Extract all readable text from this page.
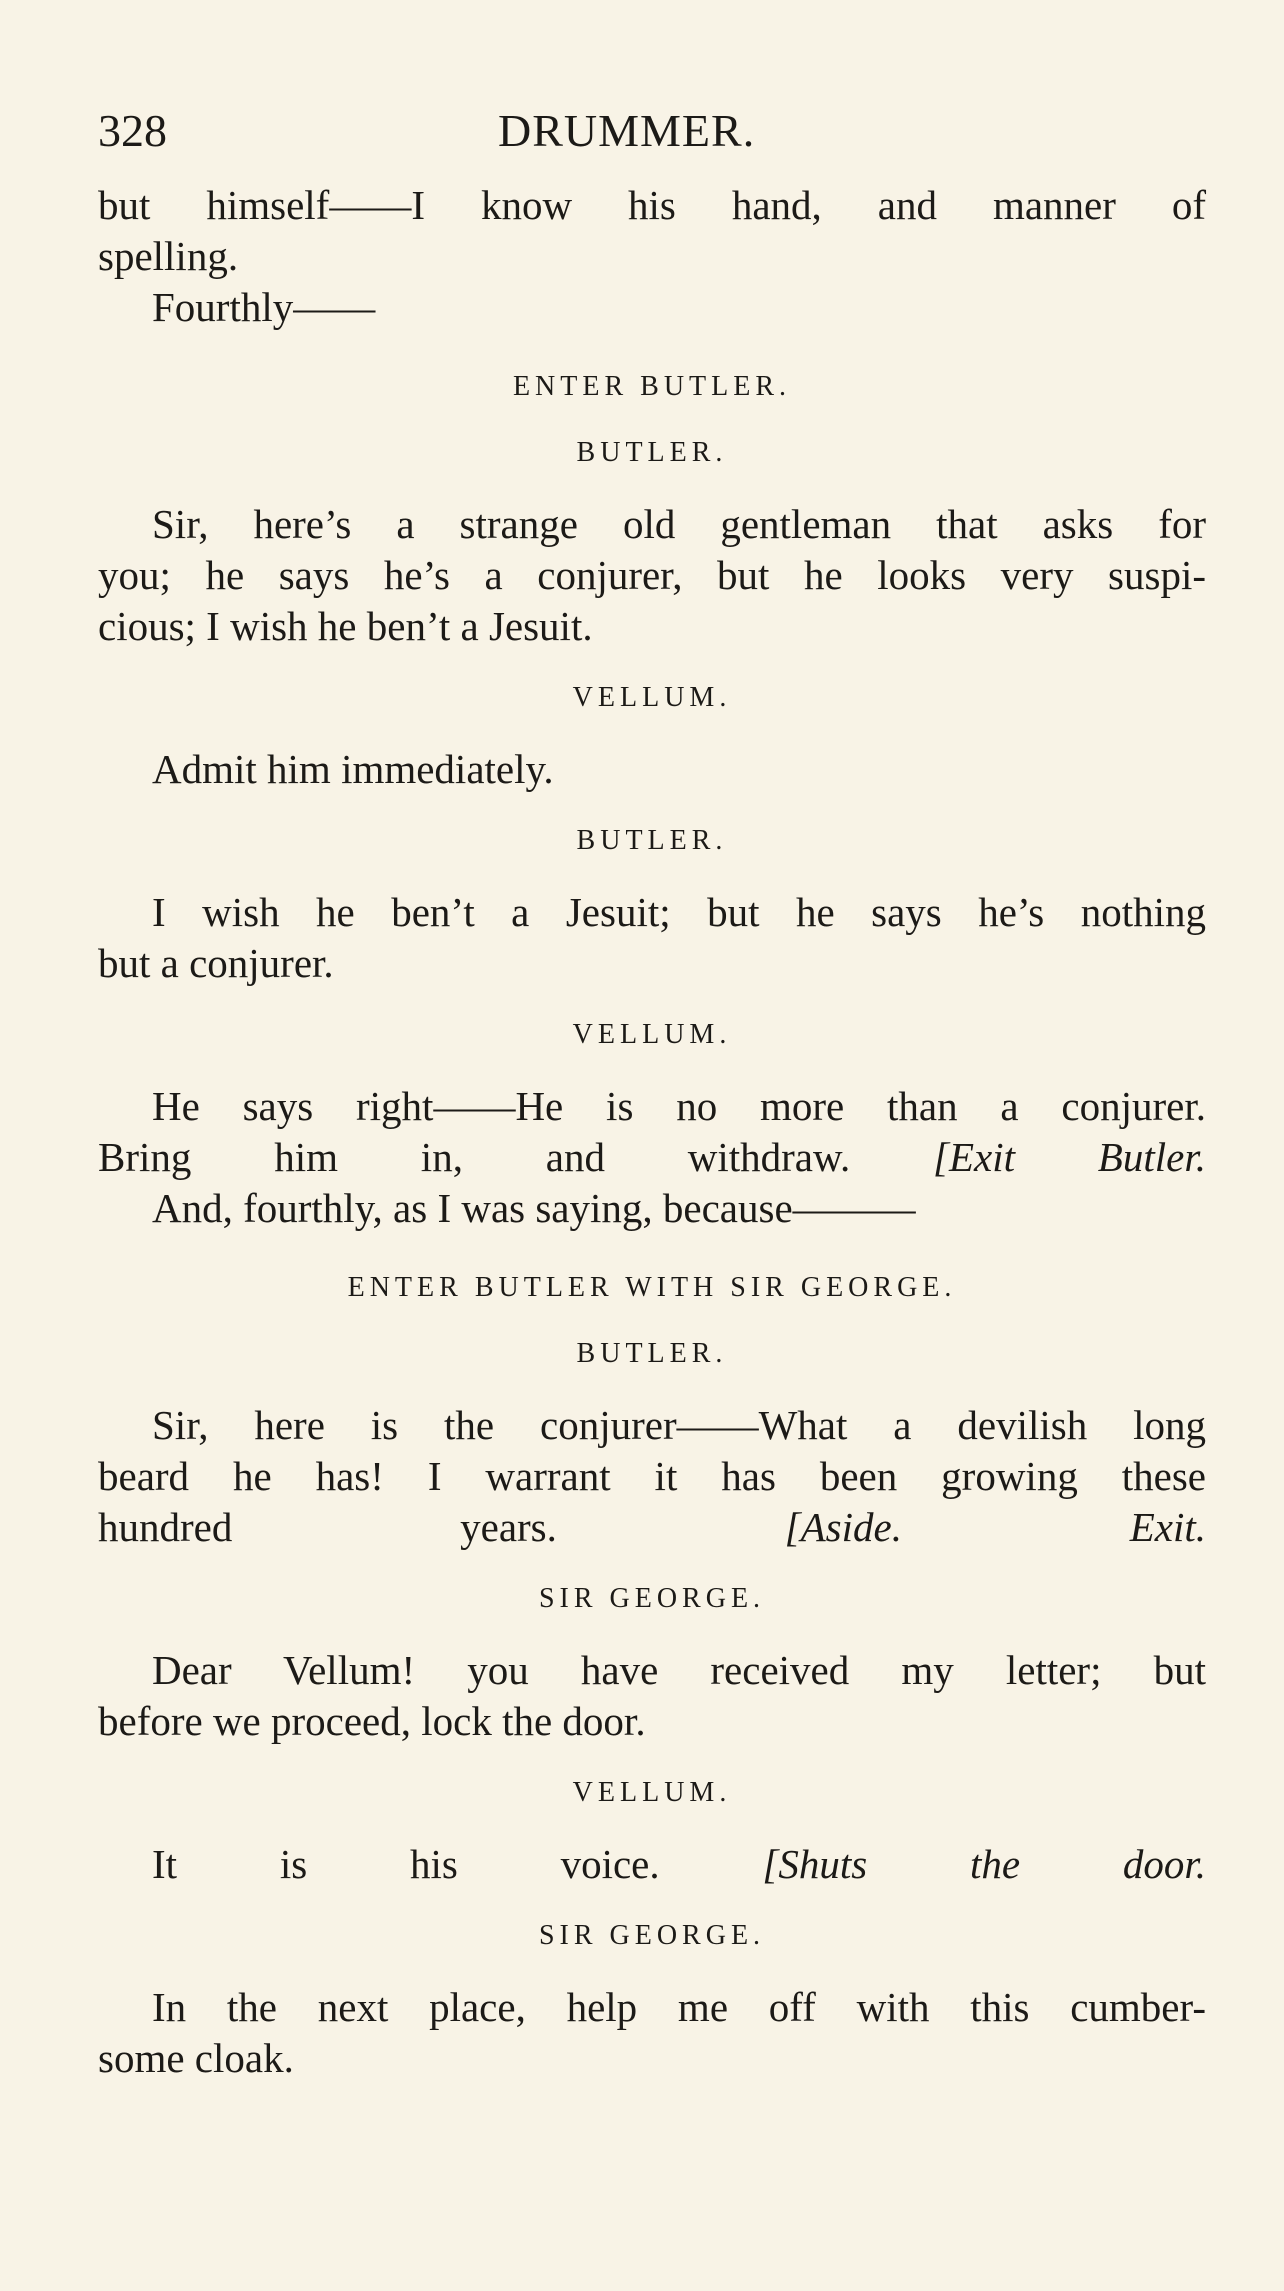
328	DRUMMER.
but himself——I know his hand, and manner of
spelling.
Fourthly——
ENTER BUTLER.
BUTLER.
Sir, here’s a strange old gentleman that asks for
you; he says he’s a conjurer, but he looks very suspi-
cious; I wish he ben’t a Jesuit.
VELLUM.
Admit him immediately.
BUTLER.
I wish he ben’t a Jesuit; but he says he’s nothing
but a conjurer.
VELLUM.
He says right——He is no more than a conjurer.
Bring him in, and withdraw. [Exit Butler.
And, fourthly, as I was saying, because———
ENTER BUTLER WITH SIR GEORGE.
BUTLER.
Sir, here is the conjurer——What a devilish long
beard he has! I warrant it has been growing these
hundred years.	[Aside. Exit.
SIR GEORGE.
Dear Vellum! you have received my letter; but
before we proceed, lock the door.
VELLUM.
It is his voice.	[Shuts the door.
SIR GEORGE.
In the next place, help me off with this cumber-
some cloak.
